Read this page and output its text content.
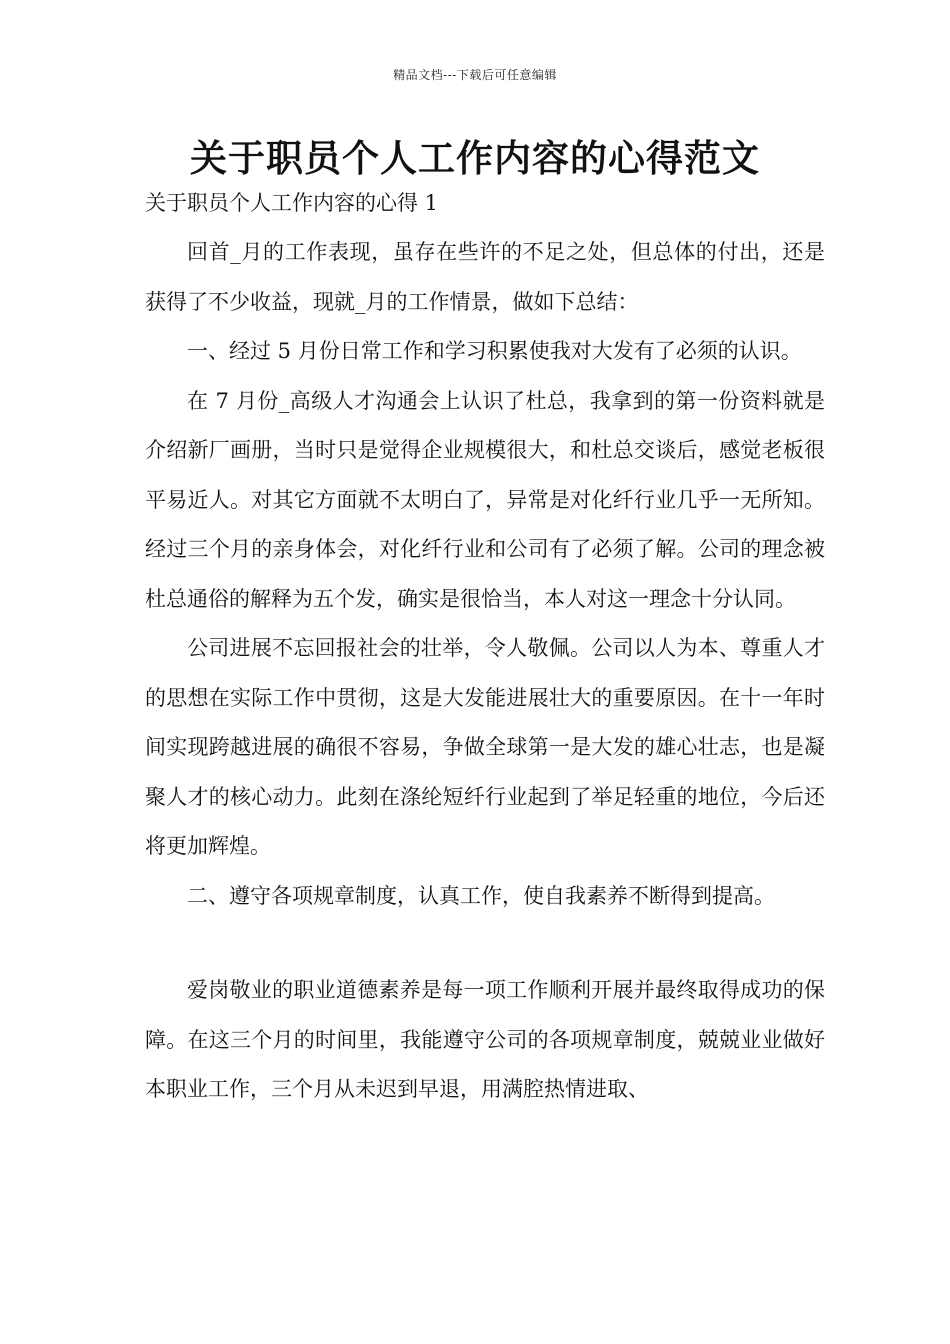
精品文档---下载后可任意编辑
关于职员个人工作内容的心得范文

关于职员个人工作内容的心得 1

回首_月的工作表现，虽存在些许的不足之处，但总体的付出，还是获得了不少收益，现就_月的工作情景，做如下总结：

一、经过 5 月份日常工作和学习积累使我对大发有了必须的认识。

在 7 月份_高级人才沟通会上认识了杜总，我拿到的第一份资料就是介绍新厂画册，当时只是觉得企业规模很大，和杜总交谈后，感觉老板很平易近人。对其它方面就不太明白了，异常是对化纤行业几乎一无所知。经过三个月的亲身体会，对化纤行业和公司有了必须了解。公司的理念被杜总通俗的解释为五个发，确实是很恰当，本人对这一理念十分认同。

公司进展不忘回报社会的壮举，令人敬佩。公司以人为本、尊重人才的思想在实际工作中贯彻，这是大发能进展壮大的重要原因。在十一年时间实现跨越进展的确很不容易，争做全球第一是大发的雄心壮志，也是凝聚人才的核心动力。此刻在涤纶短纤行业起到了举足轻重的地位，今后还将更加辉煌。

二、遵守各项规章制度，认真工作，使自我素养不断得到提高。

爱岗敬业的职业道德素养是每一项工作顺利开展并最终取得成功的保障。在这三个月的时间里，我能遵守公司的各项规章制度，兢兢业业做好本职业工作，三个月从未迟到早退，用满腔热情进取、
